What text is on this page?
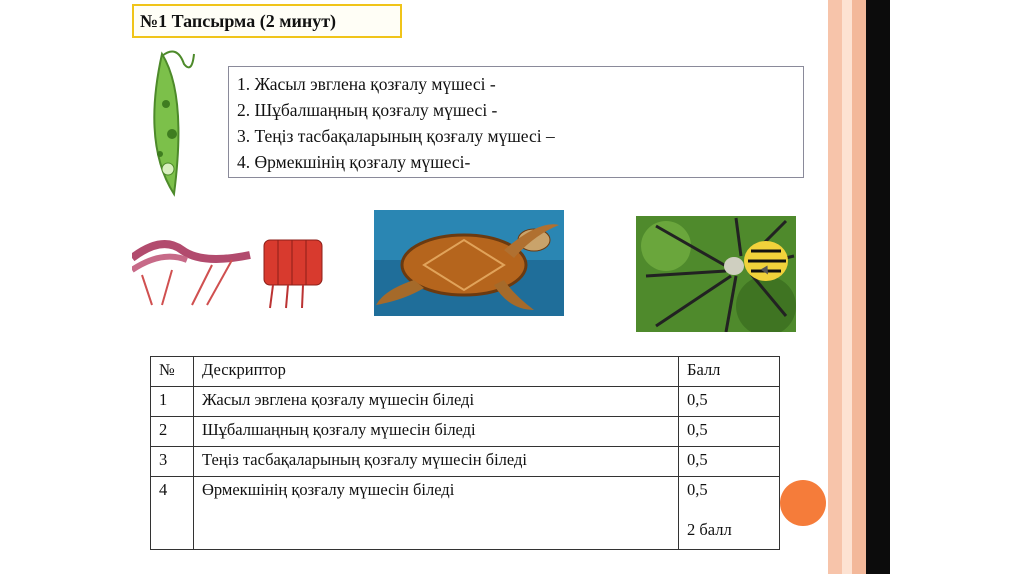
№1 Тапсырма (2 минут)
1. Жасыл эвглена қозғалу мүшесі -
2. Шұбалшаңның қозғалу мүшесі -
3. Теңіз тасбақаларының қозғалу мүшесі –
4. Өрмекшінің қозғалу мүшесі-
№	Дескриптор	Балл
1	Жасыл эвглена қозғалу мүшесін біледі	0,5
2	Шұбалшаңның қозғалу мүшесін біледі	0,5
3	Теңіз тасбақаларының қозғалу мүшесін біледі	0,5
4	Өрмекшінің қозғалу мүшесін біледі	0,5
2 балл
